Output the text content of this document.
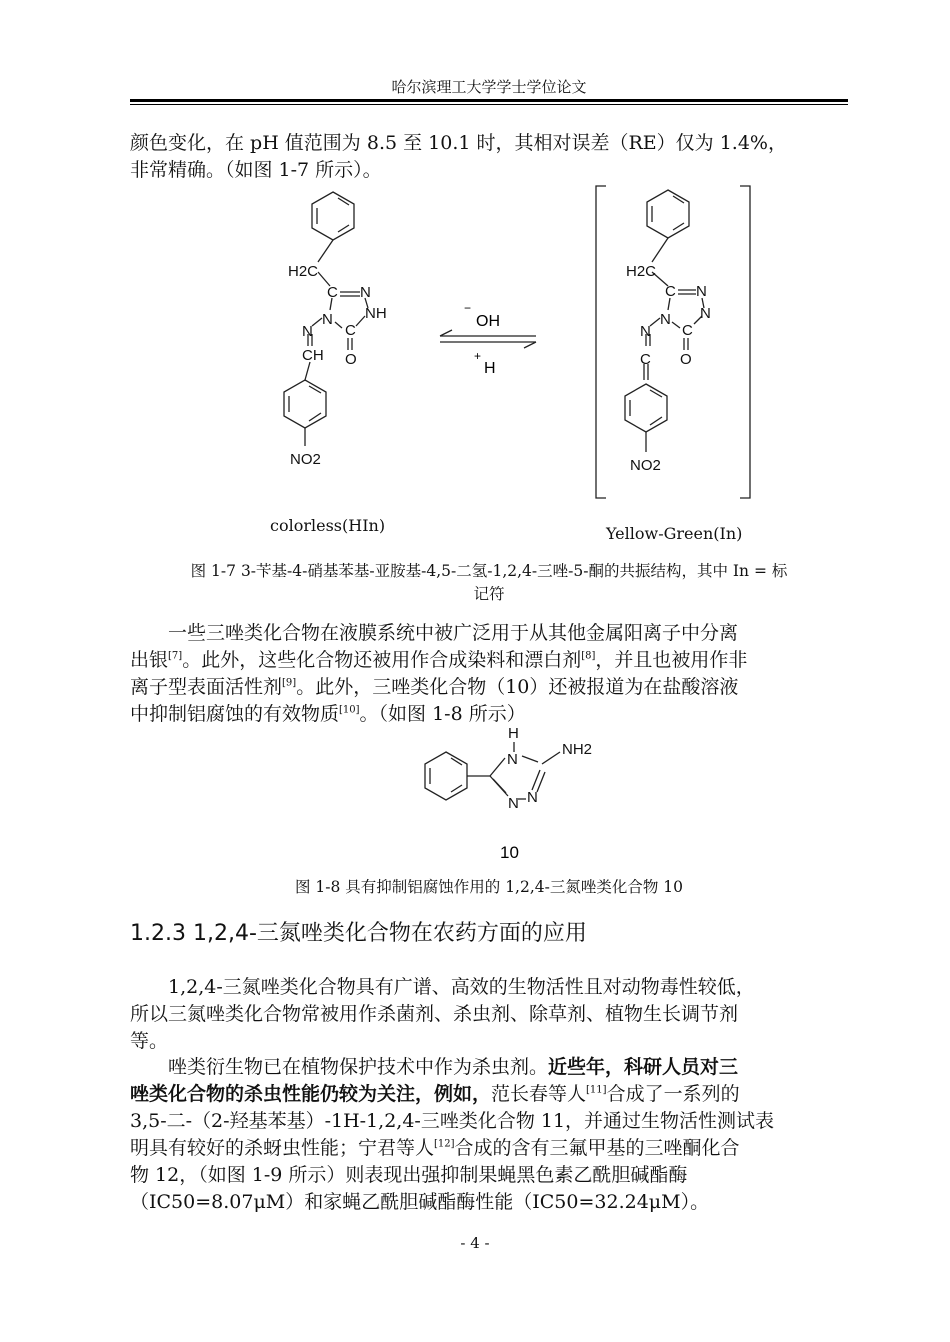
哈尔滨理工大学学士学位论文

颜色变化，在 pH 值范围为 8.5 至 10.1 时，其相对误差（RE）仅为 1.4%，

非常精确。（如图 1-7 所示）。

H2C
C N
NH
N
C
O
N
CH
NO2
−
OH
+
H
H2C
C N
N
N
C
O
N
C
NO2
colorless(HIn)	Yellow-Green(In)
图 1-7 3-苄基-4-硝基苯基-亚胺基-4,5-二氢-1,2,4-三唑-5-酮的共振结构，其中 In = 标
记符

一些三唑类化合物在液膜系统中被广泛用于从其他金属阳离子中分离

出银[7]。此外，这些化合物还被用作合成染料和漂白剂[8]，并且也被用作非

离子型表面活性剂[9]。此外，三唑类化合物（10）还被报道为在盐酸溶液

中抑制铝腐蚀的有效物质[10]。（如图 1-8 所示）

H
N
NH2
N N
10
图 1-8 具有抑制铝腐蚀作用的 1,2,4-三氮唑类化合物 10
1.2.3 1,2,4-三氮唑类化合物在农药方面的应用

1,2,4-三氮唑类化合物具有广谱、高效的生物活性且对动物毒性较低，

所以三氮唑类化合物常被用作杀菌剂、杀虫剂、除草剂、植物生长调节剂

等。

唑类衍生物已在植物保护技术中作为杀虫剂。近些年，科研人员对三

唑类化合物的杀虫性能仍较为关注，例如，范长春等人[11]合成了一系列的

3,5-二-（2-羟基苯基）-1H-1,2,4-三唑类化合物 11，并通过生物活性测试表

明具有较好的杀蚜虫性能；宁君等人[12]合成的含有三氟甲基的三唑酮化合

物 12，（如图 1-9 所示）则表现出强抑制果蝇黑色素乙酰胆碱酯酶

（IC50=8.07μM）和家蝇乙酰胆碱酯酶性能（IC50=32.24μM）。

- 4 -
